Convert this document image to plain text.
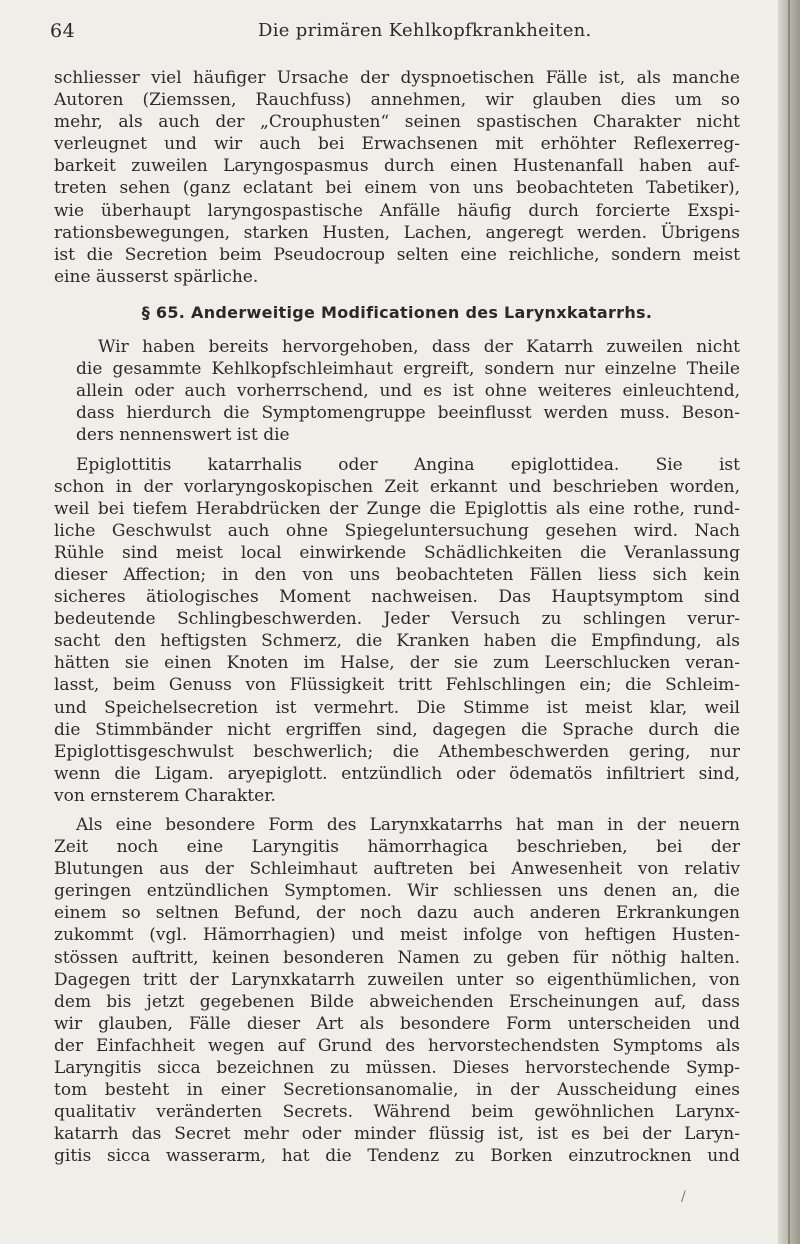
64	Die primären Kehlkopfkrankheiten.

schliesser viel häufiger Ursache der dyspnoetischen Fälle ist, als manche
Autoren (Ziemssen, Rauchfuss) annehmen, wir glauben dies um so
mehr, als auch der „Crouphusten“ seinen spastischen Charakter nicht
verleugnet und wir auch bei Erwachsenen mit erhöhter Reflexerreg-
barkeit zuweilen Laryngospasmus durch einen Hustenanfall haben auf-
treten sehen (ganz eclatant bei einem von uns beobachteten Tabetiker),
wie überhaupt laryngospastische Anfälle häufig durch forcierte Exspi-
rationsbewegungen, starken Husten, Lachen, angeregt werden. Übrigens
ist die Secretion beim Pseudocroup selten eine reichliche, sondern meist
eine äusserst spärliche.

§ 65. Anderweitige Modificationen des Larynxkatarrhs.

Wir haben bereits hervorgehoben, dass der Katarrh zuweilen nicht
die gesammte Kehlkopfschleimhaut ergreift, sondern nur einzelne Theile
allein oder auch vorherrschend, und es ist ohne weiteres einleuchtend,
dass hierdurch die Symptomengruppe beeinflusst werden muss. Beson-
ders nennenswert ist die

Epiglottitis katarrhalis oder Angina epiglottidea. Sie ist
schon in der vorlaryngoskopischen Zeit erkannt und beschrieben worden,
weil bei tiefem Herabdrücken der Zunge die Epiglottis als eine rothe, rund-
liche Geschwulst auch ohne Spiegeluntersuchung gesehen wird. Nach
Rühle sind meist local einwirkende Schädlichkeiten die Veranlassung
dieser Affection; in den von uns beobachteten Fällen liess sich kein
sicheres ätiologisches Moment nachweisen. Das Hauptsymptom sind
bedeutende Schlingbeschwerden. Jeder Versuch zu schlingen verur-
sacht den heftigsten Schmerz, die Kranken haben die Empfindung, als
hätten sie einen Knoten im Halse, der sie zum Leerschlucken veran-
lasst, beim Genuss von Flüssigkeit tritt Fehlschlingen ein; die Schleim-
und Speichelsecretion ist vermehrt. Die Stimme ist meist klar, weil
die Stimmbänder nicht ergriffen sind, dagegen die Sprache durch die
Epiglottisgeschwulst beschwerlich; die Athembeschwerden gering, nur
wenn die Ligam. aryepiglott. entzündlich oder ödematös infiltriert sind,
von ernsterem Charakter.

Als eine besondere Form des Larynxkatarrhs hat man in der neuern
Zeit noch eine Laryngitis hämorrhagica beschrieben, bei der
Blutungen aus der Schleimhaut auftreten bei Anwesenheit von relativ
geringen entzündlichen Symptomen. Wir schliessen uns denen an, die
einem so seltnen Befund, der noch dazu auch anderen Erkrankungen
zukommt (vgl. Hämorrhagien) und meist infolge von heftigen Husten-
stössen auftritt, keinen besonderen Namen zu geben für nöthig halten.
Dagegen tritt der Larynxkatarrh zuweilen unter so eigenthümlichen, von
dem bis jetzt gegebenen Bilde abweichenden Erscheinungen auf, dass
wir glauben, Fälle dieser Art als besondere Form unterscheiden und
der Einfachheit wegen auf Grund des hervorstechendsten Symptoms als
Laryngitis sicca bezeichnen zu müssen. Dieses hervorstechende Symp-
tom besteht in einer Secretionsanomalie, in der Ausscheidung eines
qualitativ veränderten Secrets. Während beim gewöhnlichen Larynx-
katarrh das Secret mehr oder minder flüssig ist, ist es bei der Laryn-
gitis sicca wasserarm, hat die Tendenz zu Borken einzutrocknen und

/
